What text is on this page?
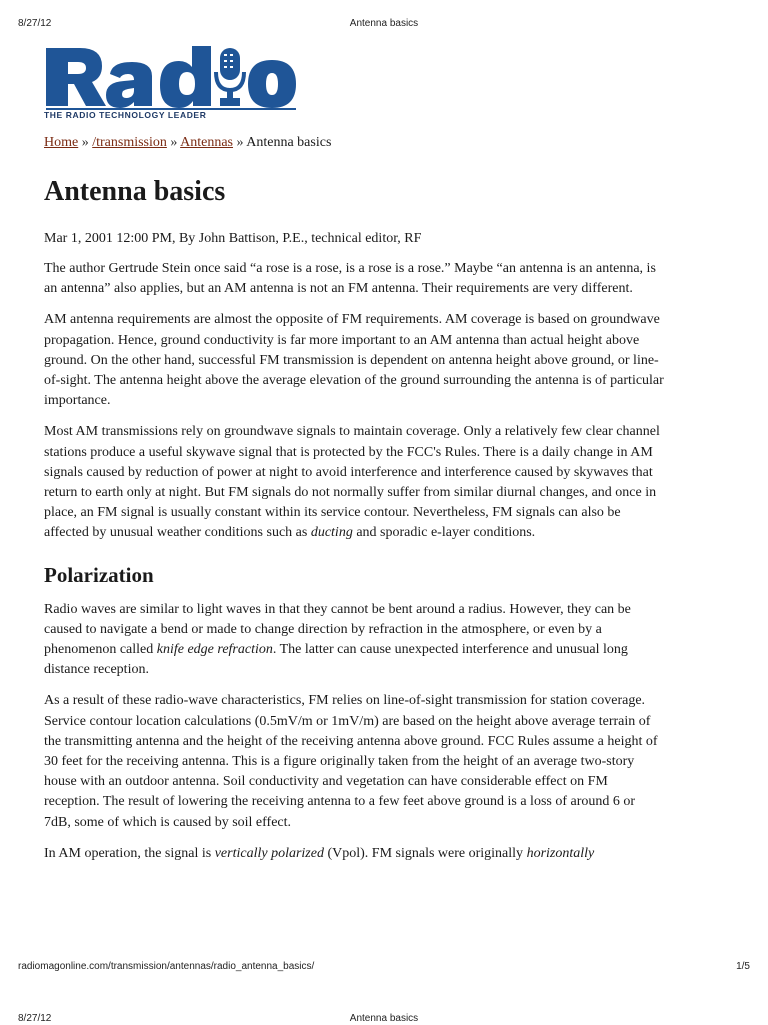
8/27/12	Antenna basics
THE RADIO TECHNOLOGY LEADER
Home » /transmission » Antennas » Antenna basics
Antenna basics

Mar 1, 2001 12:00 PM, By John Battison, P.E., technical editor, RF

The author Gertrude Stein once said “a rose is a rose, is a rose is a rose.” Maybe “an antenna is an antenna, is an antenna” also applies, but an AM antenna is not an FM antenna. Their requirements are very different.

AM antenna requirements are almost the opposite of FM requirements. AM coverage is based on groundwave propagation. Hence, ground conductivity is far more important to an AM antenna than actual height above ground. On the other hand, successful FM transmission is dependent on antenna height above ground, or line-of-sight. The antenna height above the average elevation of the ground surrounding the antenna is of particular importance.

Most AM transmissions rely on groundwave signals to maintain coverage. Only a relatively few clear channel stations produce a useful skywave signal that is protected by the FCC's Rules. There is a daily change in AM signals caused by reduction of power at night to avoid interference and interference caused by skywaves that return to earth only at night. But FM signals do not normally suffer from similar diurnal changes, and once in place, an FM signal is usually constant within its service contour. Nevertheless, FM signals can also be affected by unusual weather conditions such as ducting and sporadic e-layer conditions.

Polarization

Radio waves are similar to light waves in that they cannot be bent around a radius. However, they can be caused to navigate a bend or made to change direction by refraction in the atmosphere, or even by a phenomenon called knife edge refraction. The latter can cause unexpected interference and unusual long distance reception.

As a result of these radio-wave characteristics, FM relies on line-of-sight transmission for station coverage. Service contour location calculations (0.5mV/m or 1mV/m) are based on the height above average terrain of the transmitting antenna and the height of the receiving antenna above ground. FCC Rules assume a height of 30 feet for the receiving antenna. This is a figure originally taken from the height of an average two-story house with an outdoor antenna. Soil conductivity and vegetation can have considerable effect on FM reception. The result of lowering the receiving antenna to a few feet above ground is a loss of around 6 or 7dB, some of which is caused by soil effect.

In AM operation, the signal is vertically polarized (Vpol). FM signals were originally horizontally

radiomagonline.com/transmission/antennas/radio_antenna_basics/	1/5
8/27/12	Antenna basics
